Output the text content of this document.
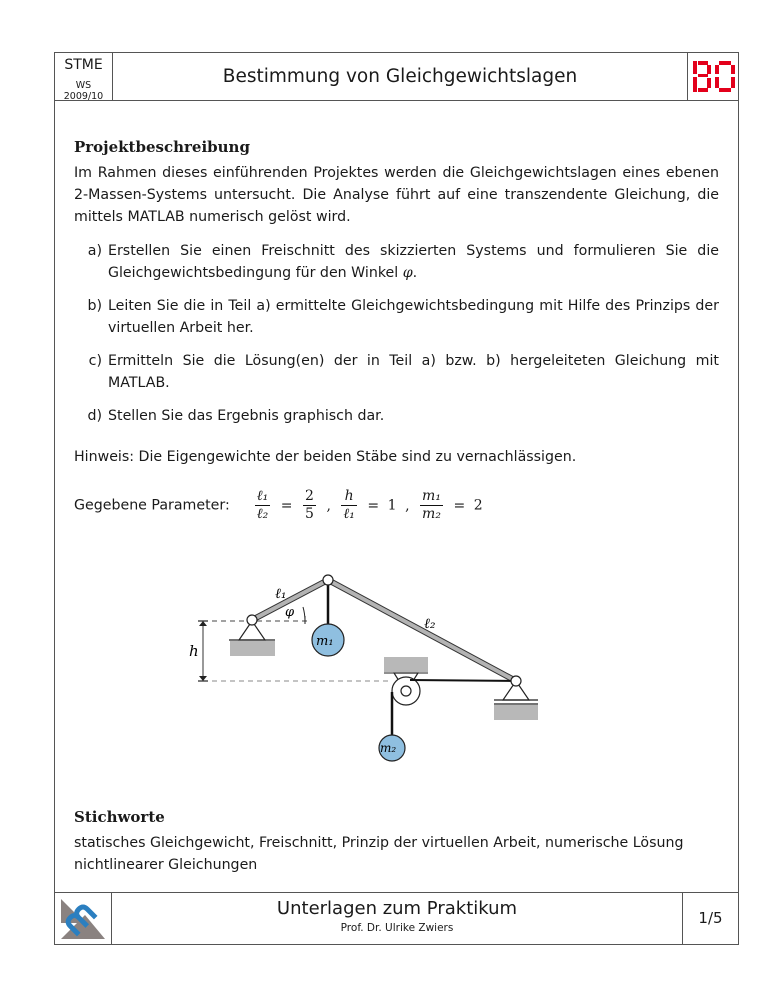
STME
WS 2009/10
Bestimmung von Gleichgewichtslagen
Projektbeschreibung
Im Rahmen dieses einführenden Projektes werden die Gleichgewichtslagen eines ebenen 2-Massen-Systems untersucht. Die Analyse führt auf eine transzendente Gleichung, die mittels MATLAB numerisch gelöst wird.
a) Erstellen Sie einen Freischnitt des skizzierten Systems und formulieren Sie die Gleichgewichtsbedingung für den Winkel φ.
b) Leiten Sie die in Teil a) ermittelte Gleichgewichtsbedingung mit Hilfe des Prinzips der virtuellen Arbeit her.
c) Ermitteln Sie die Lösung(en) der in Teil a) bzw. b) hergeleiteten Gleichung mit MATLAB.
d) Stellen Sie das Ergebnis graphisch dar.
Hinweis: Die Eigengewichte der beiden Stäbe sind zu vernachlässigen.
Gegebene Parameter: $\frac{\text{ℓ₁}}{\text{ℓ₂}} = \frac{2}{5}$ , $\frac{h}{\text{ℓ₁}} = 1$ , $\frac{\text{m₁}}{\text{m₂}} = 2$
h
φ
ℓ₁
ℓ₂
m₁
m₂
Stichworte
statisches Gleichgewicht, Freischnitt, Prinzip der virtuellen Arbeit, numerische Lösung nichtlinearer Gleichungen
Unterlagen zum Praktikum
Prof. Dr. Ulrike Zwiers
1/5
